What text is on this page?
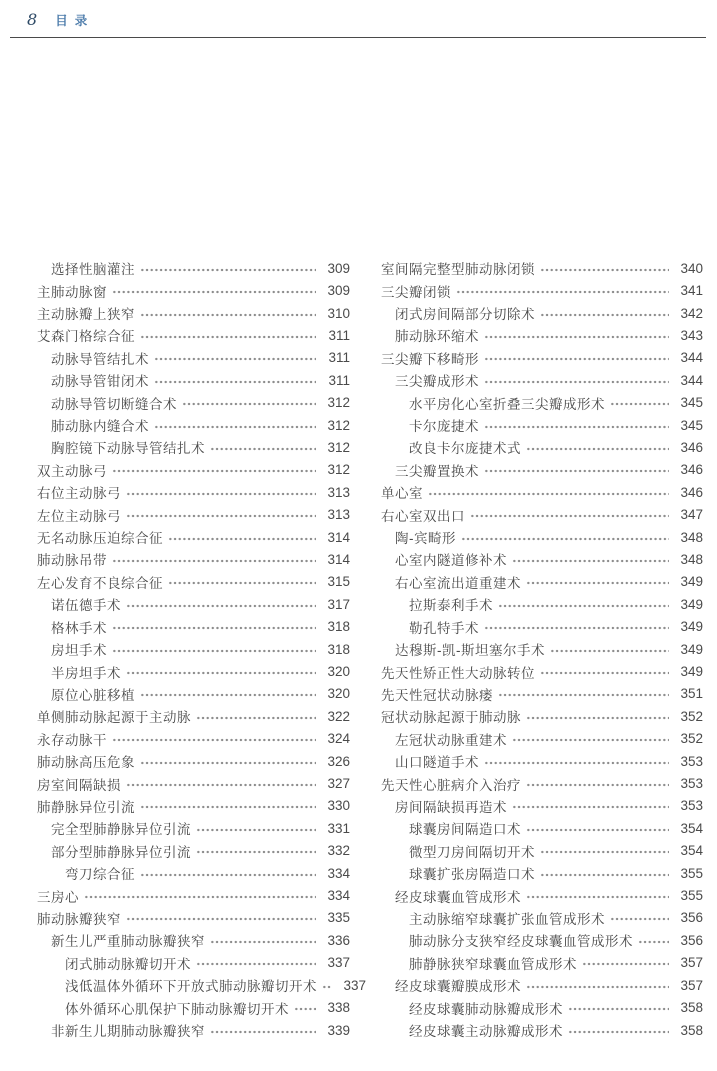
8 目录
选择性脑灌注	309
主肺动脉窗	309
主动脉瓣上狭窄	310
艾森门格综合征	311
动脉导管结扎术	311
动脉导管钳闭术	311
动脉导管切断缝合术	312
肺动脉内缝合术	312
胸腔镜下动脉导管结扎术	312
双主动脉弓	312
右位主动脉弓	313
左位主动脉弓	313
无名动脉压迫综合征	314
肺动脉吊带	314
左心发育不良综合征	315
诺伍德手术	317
格林手术	318
房坦手术	318
半房坦手术	320
原位心脏移植	320
单侧肺动脉起源于主动脉	322
永存动脉干	324
肺动脉高压危象	326
房室间隔缺损	327
肺静脉异位引流	330
完全型肺静脉异位引流	331
部分型肺静脉异位引流	332
弯刀综合征	334
三房心	334
肺动脉瓣狭窄	335
新生儿严重肺动脉瓣狭窄	336
闭式肺动脉瓣切开术	337
浅低温体外循环下开放式肺动脉瓣切开术	337
体外循环心肌保护下肺动脉瓣切开术	338
非新生儿期肺动脉瓣狭窄	339
室间隔完整型肺动脉闭锁	340
三尖瓣闭锁	341
闭式房间隔部分切除术	342
肺动脉环缩术	343
三尖瓣下移畸形	344
三尖瓣成形术	344
水平房化心室折叠三尖瓣成形术	345
卡尔庞捷术	345
改良卡尔庞捷术式	346
三尖瓣置换术	346
单心室	346
右心室双出口	347
陶-宾畸形	348
心室内隧道修补术	348
右心室流出道重建术	349
拉斯泰利手术	349
勒孔特手术	349
达穆斯-凯-斯坦塞尔手术	349
先天性矫正性大动脉转位	349
先天性冠状动脉瘘	351
冠状动脉起源于肺动脉	352
左冠状动脉重建术	352
山口隧道手术	353
先天性心脏病介入治疗	353
房间隔缺损再造术	353
球囊房间隔造口术	354
微型刀房间隔切开术	354
球囊扩张房隔造口术	355
经皮球囊血管成形术	355
主动脉缩窄球囊扩张血管成形术	356
肺动脉分支狭窄经皮球囊血管成形术	356
肺静脉狭窄球囊血管成形术	357
经皮球囊瓣膜成形术	357
经皮球囊肺动脉瓣成形术	358
经皮球囊主动脉瓣成形术	358
